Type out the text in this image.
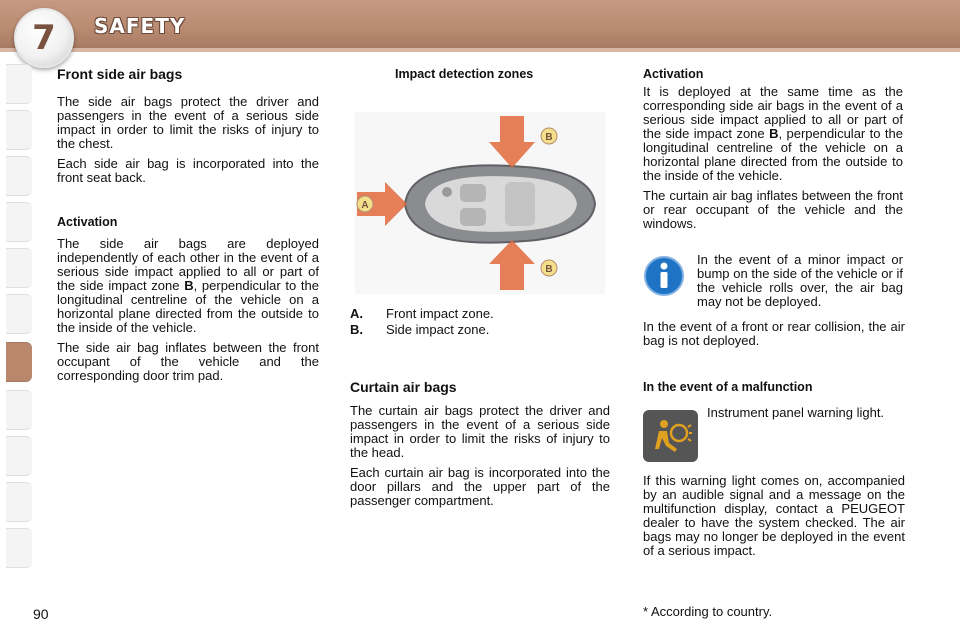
7 SAFETY
Front side air bags

The side air bags protect the driver and passengers in the event of a serious side impact in order to limit the risks of injury to the chest.

Each side air bag is incorporated into the front seat back.

Activation

The side air bags are deployed independently of each other in the event of a serious side impact applied to all or part of the side impact zone B, perpendicular to the longitudinal centreline of the vehicle on a horizontal plane directed from the outside to the inside of the vehicle.

The side air bag inflates between the front occupant of the vehicle and the corresponding door trim pad.

Impact detection zones
A
B
B
A.	Front impact zone.
B.	Side impact zone.
Curtain air bags

The curtain air bags protect the driver and passengers in the event of a serious side impact in order to limit the risks of injury to the head.

Each curtain air bag is incorporated into the door pillars and the upper part of the passenger compartment.

Activation

It is deployed at the same time as the corresponding side air bags in the event of a serious side impact applied to all or part of the side impact zone B, perpendicular to the longitudinal centreline of the vehicle on a horizontal plane directed from the outside to the inside of the vehicle.

The curtain air bag inflates between the front or rear occupant of the vehicle and the windows.

In the event of a minor impact or bump on the side of the vehicle or if the vehicle rolls over, the air bag may not be deployed.

In the event of a front or rear collision, the air bag is not deployed.

In the event of a malfunction

Instrument panel warning light.

If this warning light comes on, accompanied by an audible signal and a message on the multifunction display, contact a PEUGEOT dealer to have the system checked. The air bags may no longer be deployed in the event of a serious impact.

* According to country.
90
